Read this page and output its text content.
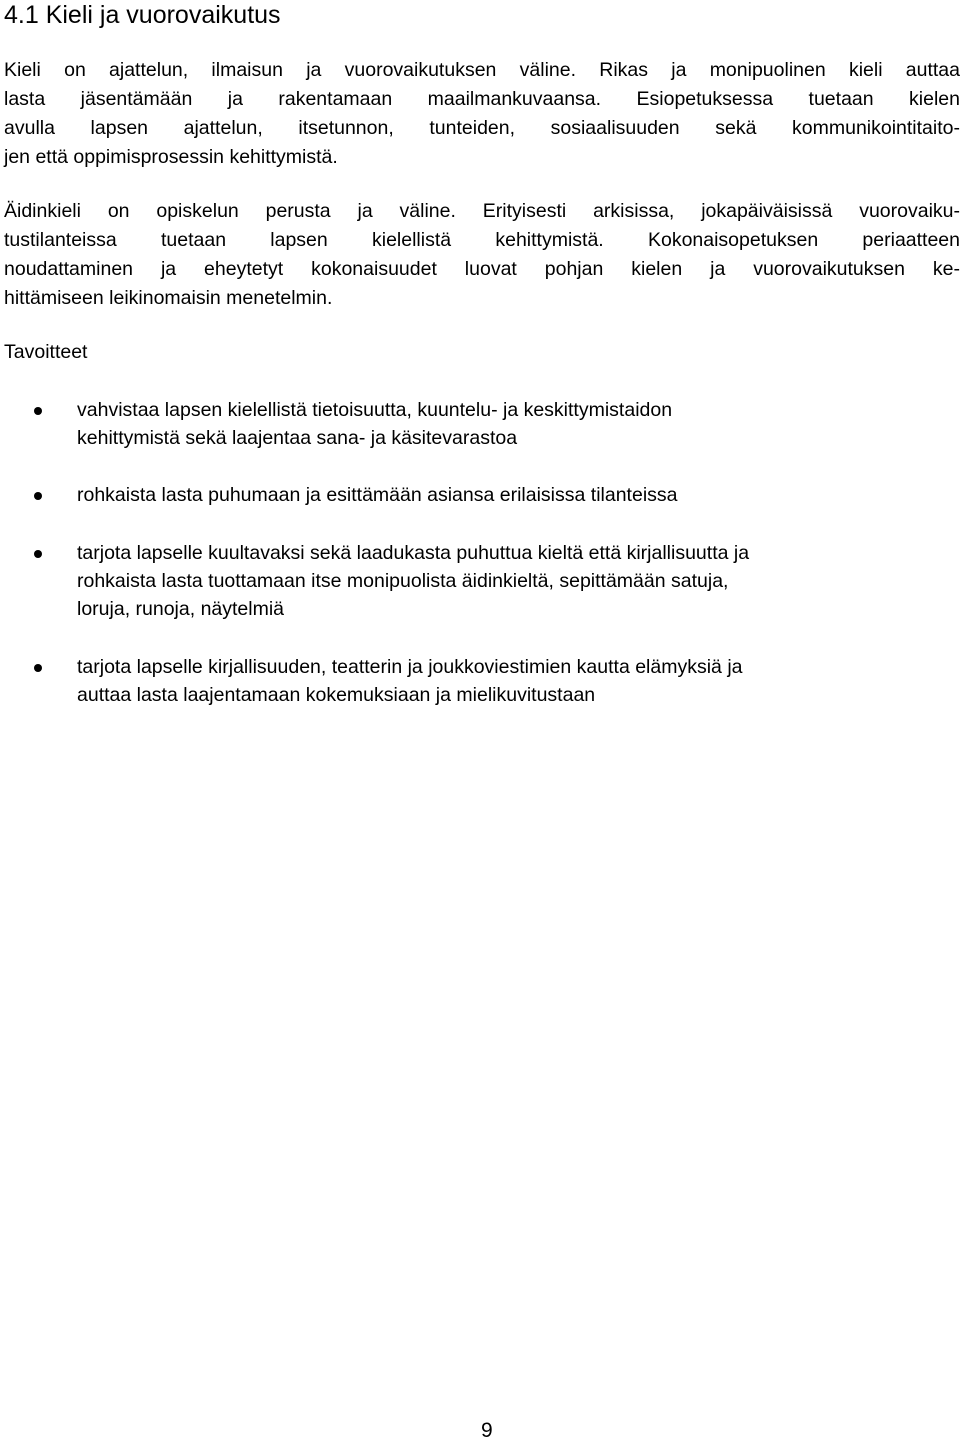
4.1 Kieli ja vuorovaikutus
Kieli on ajattelun, ilmaisun ja vuorovaikutuksen väline. Rikas ja monipuolinen kieli auttaa
lasta jäsentämään ja rakentamaan maailmankuvaansa. Esiopetuksessa tuetaan kielen
avulla lapsen ajattelun, itsetunnon, tunteiden, sosiaalisuuden sekä kommunikointitaito-
jen että oppimisprosessin kehittymistä.
Äidinkieli on opiskelun perusta ja väline. Erityisesti arkisissa, jokapäiväisissä vuorovaiku-
tustilanteissa tuetaan lapsen kielellistä kehittymistä. Kokonaisopetuksen periaatteen
noudattaminen ja eheytetyt kokonaisuudet luovat pohjan kielen ja vuorovaikutuksen ke-
hittämiseen leikinomaisin menetelmin.
Tavoitteet
vahvistaa lapsen kielellistä tietoisuutta, kuuntelu- ja keskittymistaidon
kehittymistä sekä laajentaa sana- ja käsitevarastoa
rohkaista lasta puhumaan ja esittämään asiansa erilaisissa tilanteissa
tarjota lapselle kuultavaksi sekä laadukasta puhuttua kieltä että kirjallisuutta ja
rohkaista lasta tuottamaan itse monipuolista äidinkieltä, sepittämään satuja,
loruja, runoja, näytelmiä
tarjota lapselle kirjallisuuden, teatterin ja joukkoviestimien kautta elämyksiä ja
auttaa lasta laajentamaan kokemuksiaan ja mielikuvitustaan
9
